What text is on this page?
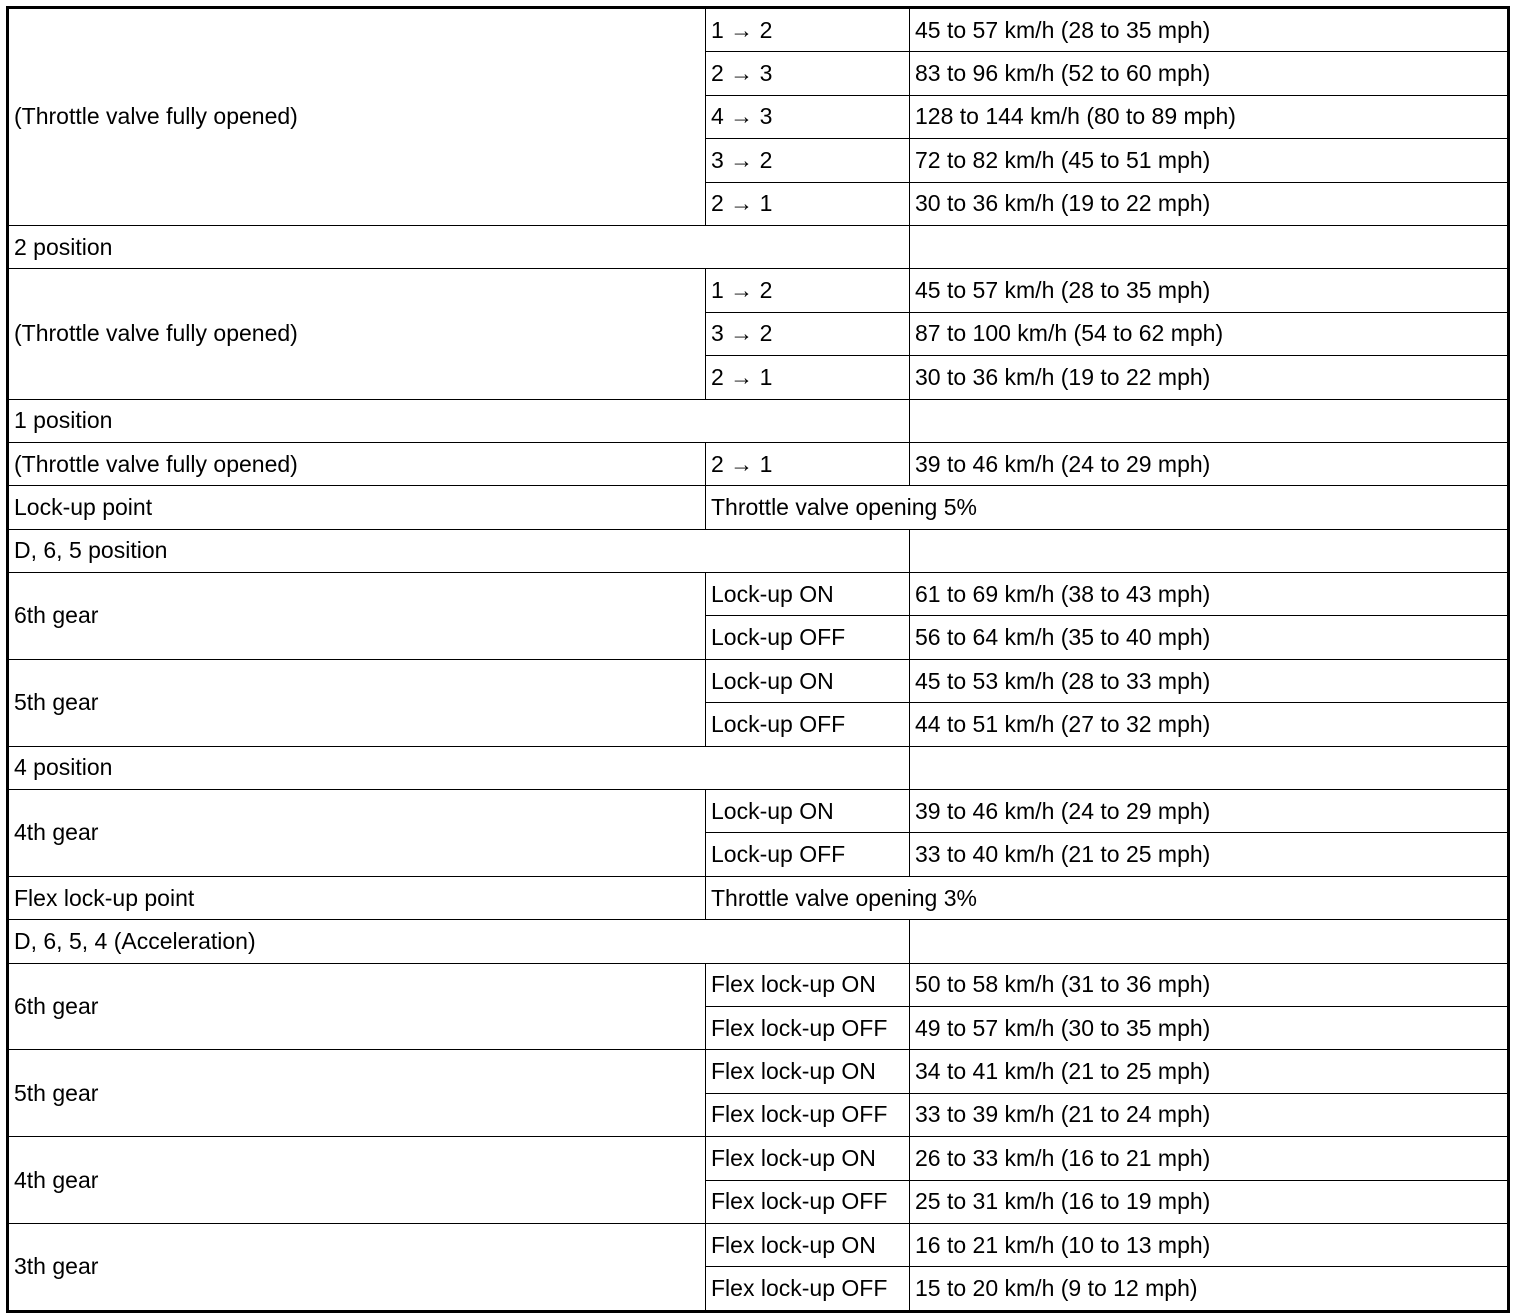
(Throttle valve fully opened)	1 → 2	45 to 57 km/h (28 to 35 mph)
	2 → 3	83 to 96 km/h (52 to 60 mph)
	4 → 3	128 to 144 km/h (80 to 89 mph)
	3 → 2	72 to 82 km/h (45 to 51 mph)
	2 → 1	30 to 36 km/h (19 to 22 mph)
2 position		
(Throttle valve fully opened)	1 → 2	45 to 57 km/h (28 to 35 mph)
	3 → 2	87 to 100 km/h (54 to 62 mph)
	2 → 1	30 to 36 km/h (19 to 22 mph)
1 position		
(Throttle valve fully opened)	2 → 1	39 to 46 km/h (24 to 29 mph)
Lock-up point	Throttle valve opening 5%	
D, 6, 5 position		
6th gear	Lock-up ON	61 to 69 km/h (38 to 43 mph)
	Lock-up OFF	56 to 64 km/h (35 to 40 mph)
5th gear	Lock-up ON	45 to 53 km/h (28 to 33 mph)
	Lock-up OFF	44 to 51 km/h (27 to 32 mph)
4 position		
4th gear	Lock-up ON	39 to 46 km/h (24 to 29 mph)
	Lock-up OFF	33 to 40 km/h (21 to 25 mph)
Flex lock-up point	Throttle valve opening 3%	
D, 6, 5, 4 (Acceleration)		
6th gear	Flex lock-up ON	50 to 58 km/h (31 to 36 mph)
	Flex lock-up OFF	49 to 57 km/h (30 to 35 mph)
5th gear	Flex lock-up ON	34 to 41 km/h (21 to 25 mph)
	Flex lock-up OFF	33 to 39 km/h (21 to 24 mph)
4th gear	Flex lock-up ON	26 to 33 km/h (16 to 21 mph)
	Flex lock-up OFF	25 to 31 km/h (16 to 19 mph)
3th gear	Flex lock-up ON	16 to 21 km/h (10 to 13 mph)
	Flex lock-up OFF	15 to 20 km/h (9 to 12 mph)
